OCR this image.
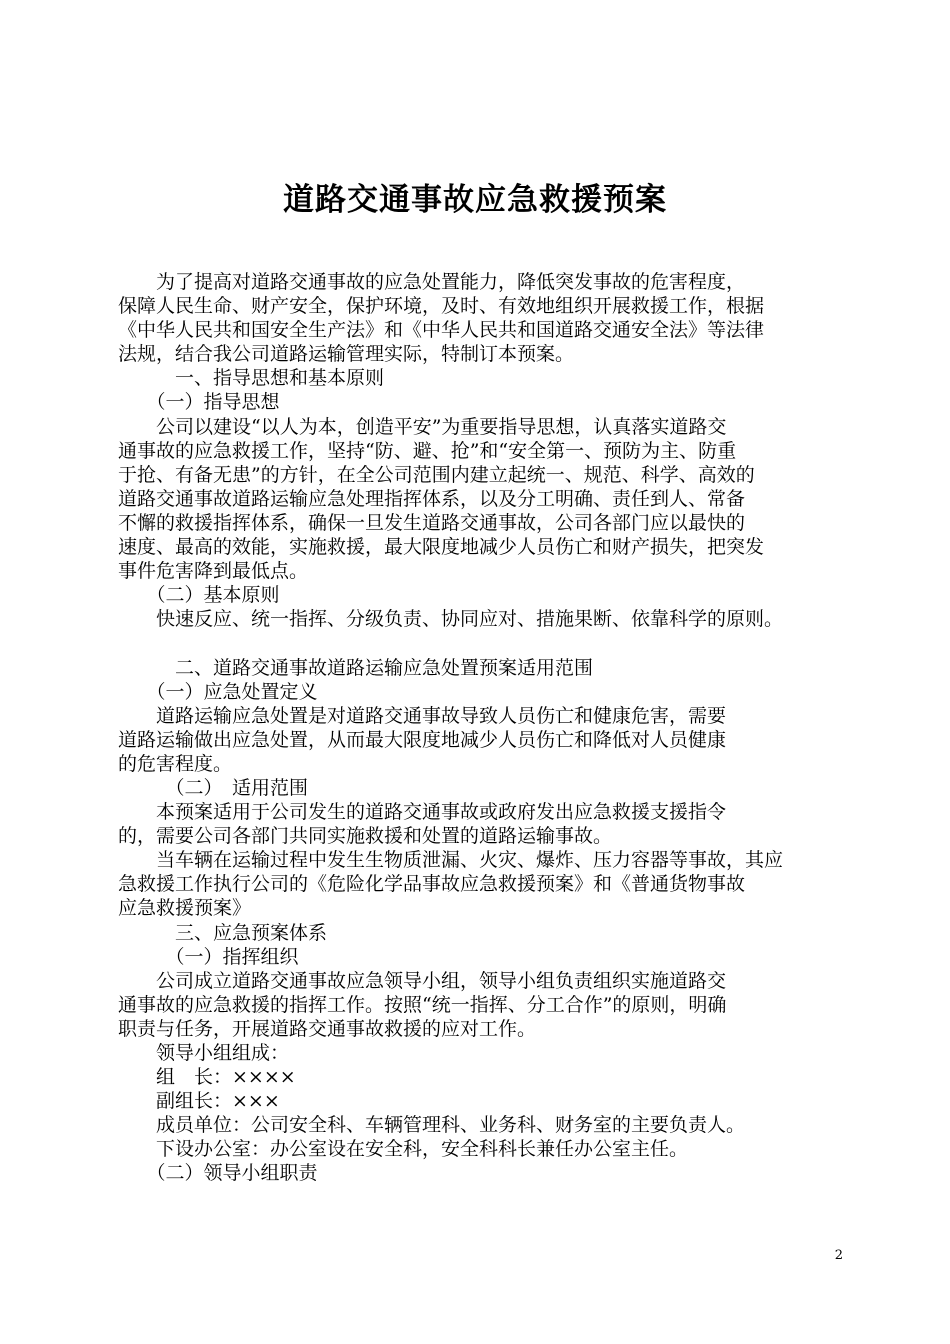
道路交通事故应急救援预案

　　为了提高对道路交通事故的应急处置能力，降低突发事故的危害程度，

保障人民生命、财产安全，保护环境，及时、有效地组织开展救援工作，根据

《中华人民共和国安全生产法》和《中华人民共和国道路交通安全法》等法律

法规，结合我公司道路运输管理实际，特制订本预案。

　　　一、指导思想和基本原则

　　（一）指导思想

　　公司以建设“以人为本，创造平安”为重要指导思想，认真落实道路交

通事故的应急救援工作，坚持“防、避、抢”和“安全第一、预防为主、防重

于抢、有备无患”的方针，在全公司范围内建立起统一、规范、科学、高效的

道路交通事故道路运输应急处理指挥体系，以及分工明确、责任到人、常备

不懈的救援指挥体系，确保一旦发生道路交通事故，公司各部门应以最快的

速度、最高的效能，实施救援，最大限度地减少人员伤亡和财产损失，把突发

事件危害降到最低点。

　　（二）基本原则

　　快速反应、统一指挥、分级负责、协同应对、措施果断、依靠科学的原则。

　　　二、道路交通事故道路运输应急处置预案适用范围

　　（一）应急处置定义

　　道路运输应急处置是对道路交通事故导致人员伤亡和健康危害，需要

道路运输做出应急处置，从而最大限度地减少人员伤亡和降低对人员健康

的危害程度。

　　　（二）　适用范围

　　本预案适用于公司发生的道路交通事故或政府发出应急救援支援指令

的，需要公司各部门共同实施救援和处置的道路运输事故。

　　当车辆在运输过程中发生生物质泄漏、火灾、爆炸、压力容器等事故，其应

急救援工作执行公司的《危险化学品事故应急救援预案》和《普通货物事故

应急救援预案》

　　　三、应急预案体系

　　　（一）指挥组织

　　公司成立道路交通事故应急领导小组，领导小组负责组织实施道路交

通事故的应急救援的指挥工作。按照“统一指挥、分工合作”的原则，明确

职责与任务，开展道路交通事故救援的应对工作。

　　领导小组组成：

　　组　长：××××

　　副组长：×××

　　成员单位：公司安全科、车辆管理科、业务科、财务室的主要负责人。

　　下设办公室：办公室设在安全科，安全科科长兼任办公室主任。

　　（二）领导小组职责

2
